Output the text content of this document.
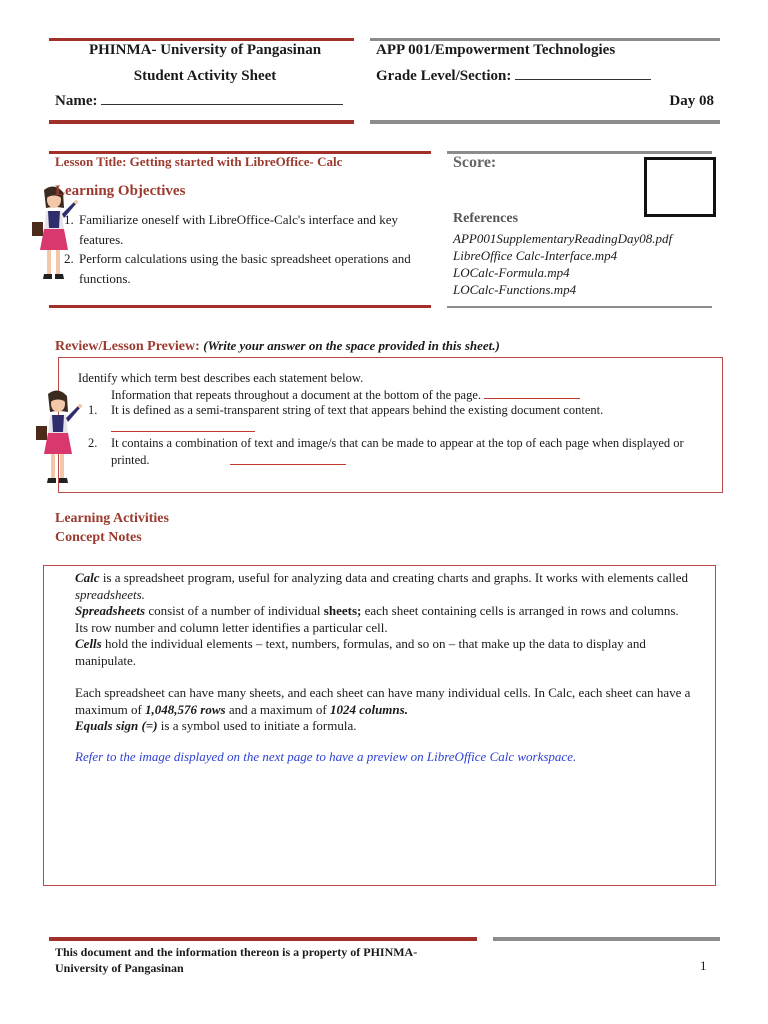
PHINMA- University of Pangasinan
Student Activity Sheet
Name:
APP 001/Empowerment Technologies
Grade Level/Section:
Day 08
Lesson Title: Getting started with LibreOffice- Calc
Learning Objectives
1. Familiarize oneself with LibreOffice-Calc's interface and key features.
2. Perform calculations using the basic spreadsheet operations and functions.
Score:
References
APP001SupplementaryReadingDay08.pdf
LibreOffice Calc-Interface.mp4
LOCalc-Formula.mp4
LOCalc-Functions.mp4
Review/Lesson Preview: (Write your answer on the space provided in this sheet.)
Identify which term best describes each statement below.
Information that repeats throughout a document at the bottom of the page.
1. It is defined as a semi-transparent string of text that appears behind the existing document content.
2. It contains a combination of text and image/s that can be made to appear at the top of each page when displayed or printed.
Learning Activities
Concept Notes

Calc is a spreadsheet program, useful for analyzing data and creating charts and graphs. It works with elements called spreadsheets.

Spreadsheets consist of a number of individual sheets; each sheet containing cells is arranged in rows and columns.

Its row number and column letter identifies a particular cell.

Cells hold the individual elements – text, numbers, formulas, and so on – that make up the data to display and manipulate.

Each spreadsheet can have many sheets, and each sheet can have many individual cells. In Calc, each sheet can have a maximum of 1,048,576 rows and a maximum of 1024 columns.

Equals sign (=) is a symbol used to initiate a formula.

Refer to the image displayed on the next page to have a preview on LibreOffice Calc workspace.

This document and the information thereon is a property of PHINMA-University of Pangasinan	1
